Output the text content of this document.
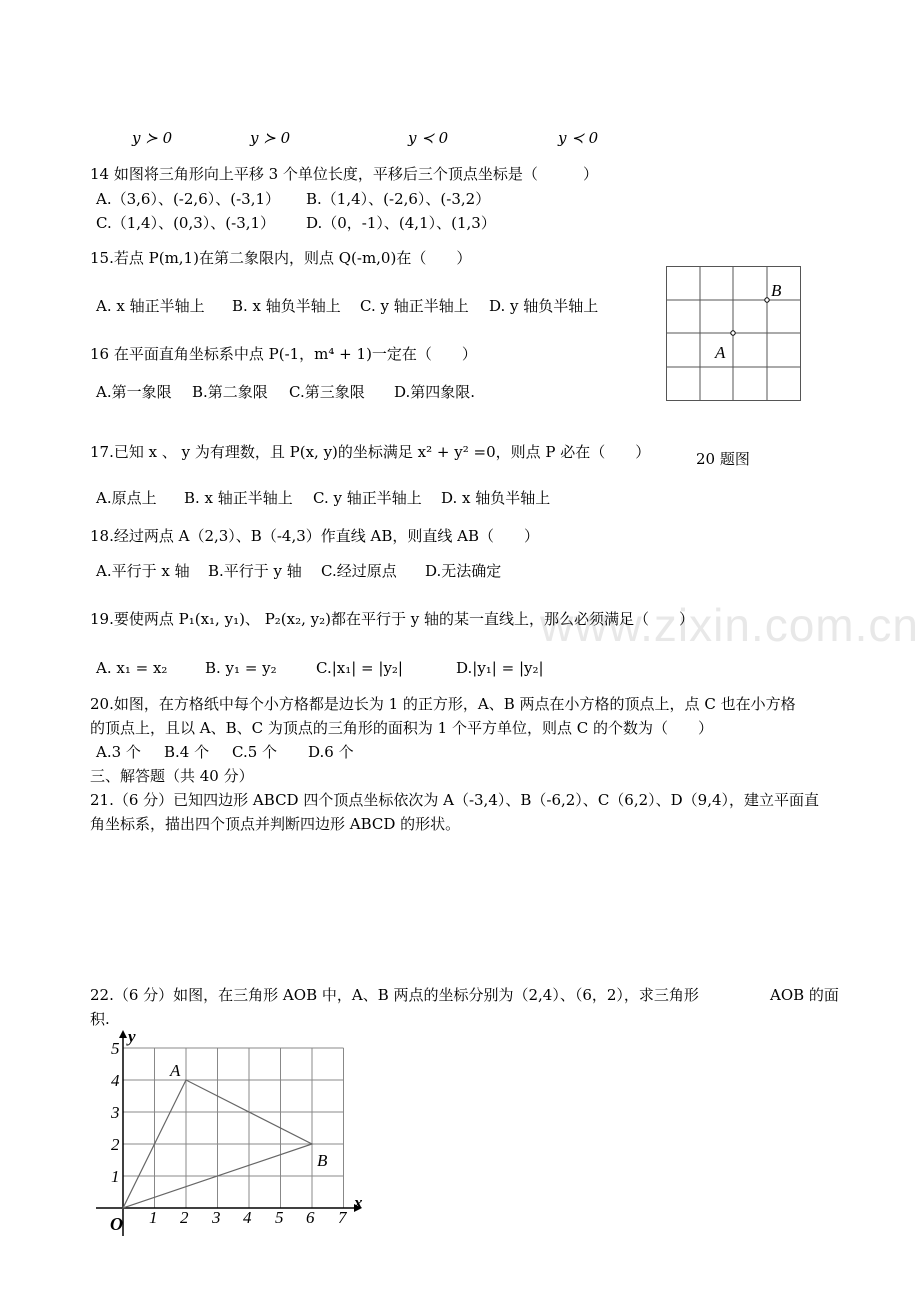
www.zixin.com.cn
y ≻ 0	y ≻ 0	y ≺ 0	y ≺ 0
14 如图将三角形向上平移 3 个单位长度，平移后三个顶点坐标是（　　　）
A.（3,6）、(-2,6）、(-3,1） B.（1,4）、(-2,6）、(-3,2）
C.（1,4）、(0,3）、(-3,1） D.（0，-1）、(4,1）、(1,3）
15.若点 P(m,1)在第二象限内，则点 Q(-m,0)在（　　）
A. x 轴正半轴上 B. x 轴负半轴上 C. y 轴正半轴上 D. y 轴负半轴上
16 在平面直角坐标系中点 P(-1，m⁴ + 1)一定在（　　）
A.第一象限 B.第二象限 C.第三象限 D.第四象限.
A
B
20 题图
17.已知 x 、 y 为有理数，且 P(x, y)的坐标满足 x² + y² =0，则点 P 必在（　　）
A.原点上 B. x 轴正半轴上 C. y 轴正半轴上 D. x 轴负半轴上
18.经过两点 A（2,3）、B（-4,3）作直线 AB，则直线 AB（　　）
A.平行于 x 轴 B.平行于 y 轴 C.经过原点 D.无法确定
19.要使两点 P₁(x₁, y₁)、 P₂(x₂, y₂)都在平行于 y 轴的某一直线上，那么必须满足（　　）
A. x₁ = x₂	B. y₁ = y₂	C.|x₁| = |y₂|	D.|y₁| = |y₂|
20.如图，在方格纸中每个小方格都是边长为 1 的正方形，A、B 两点在小方格的顶点上，点 C 也在小方格
的顶点上，且以 A、B、C 为顶点的三角形的面积为 1 个平方单位，则点 C 的个数为（　　）
A.3 个 B.4 个 C.5 个 D.6 个
三、解答题（共 40 分）
21.（6 分）已知四边形 ABCD 四个顶点坐标依次为 A（-3,4）、B（-6,2）、C（6,2）、D（9,4），建立平面直
角坐标系，描出四个顶点并判断四边形 ABCD 的形状。
22.（6 分）如图，在三角形 AOB 中，A、B 两点的坐标分别为（2,4）、（6，2），求三角形	AOB 的面
积.
x
y
O
A
B
1 2 3 4 5 6 7
1
2
3
4
5
